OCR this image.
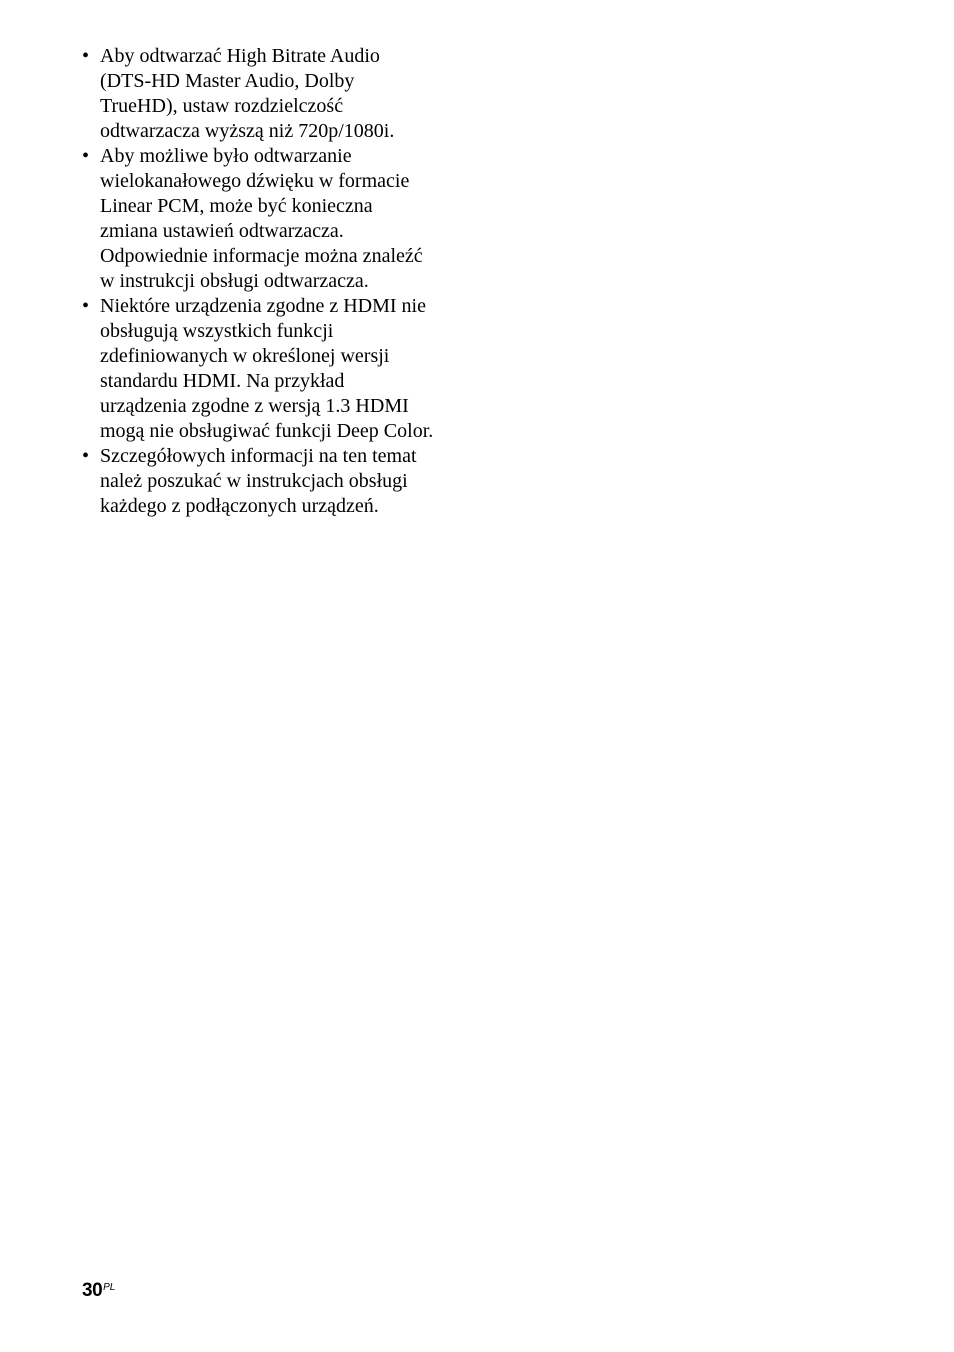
• Aby odtwarzać High Bitrate Audio
(DTS-HD Master Audio, Dolby
TrueHD), ustaw rozdzielczość
odtwarzacza wyższą niż 720p/1080i.
• Aby możliwe było odtwarzanie
wielokanałowego dźwięku w formacie
Linear PCM, może być konieczna
zmiana ustawień odtwarzacza.
Odpowiednie informacje można znaleźć
w instrukcji obsługi odtwarzacza.
• Niektóre urządzenia zgodne z HDMI nie
obsługują wszystkich funkcji
zdefiniowanych w określonej wersji
standardu HDMI. Na przykład
urządzenia zgodne z wersją 1.3 HDMI
mogą nie obsługiwać funkcji Deep Color.
• Szczegółowych informacji na ten temat
należ poszukać w instrukcjach obsługi
każdego z podłączonych urządzeń.
$30^{PL}$
